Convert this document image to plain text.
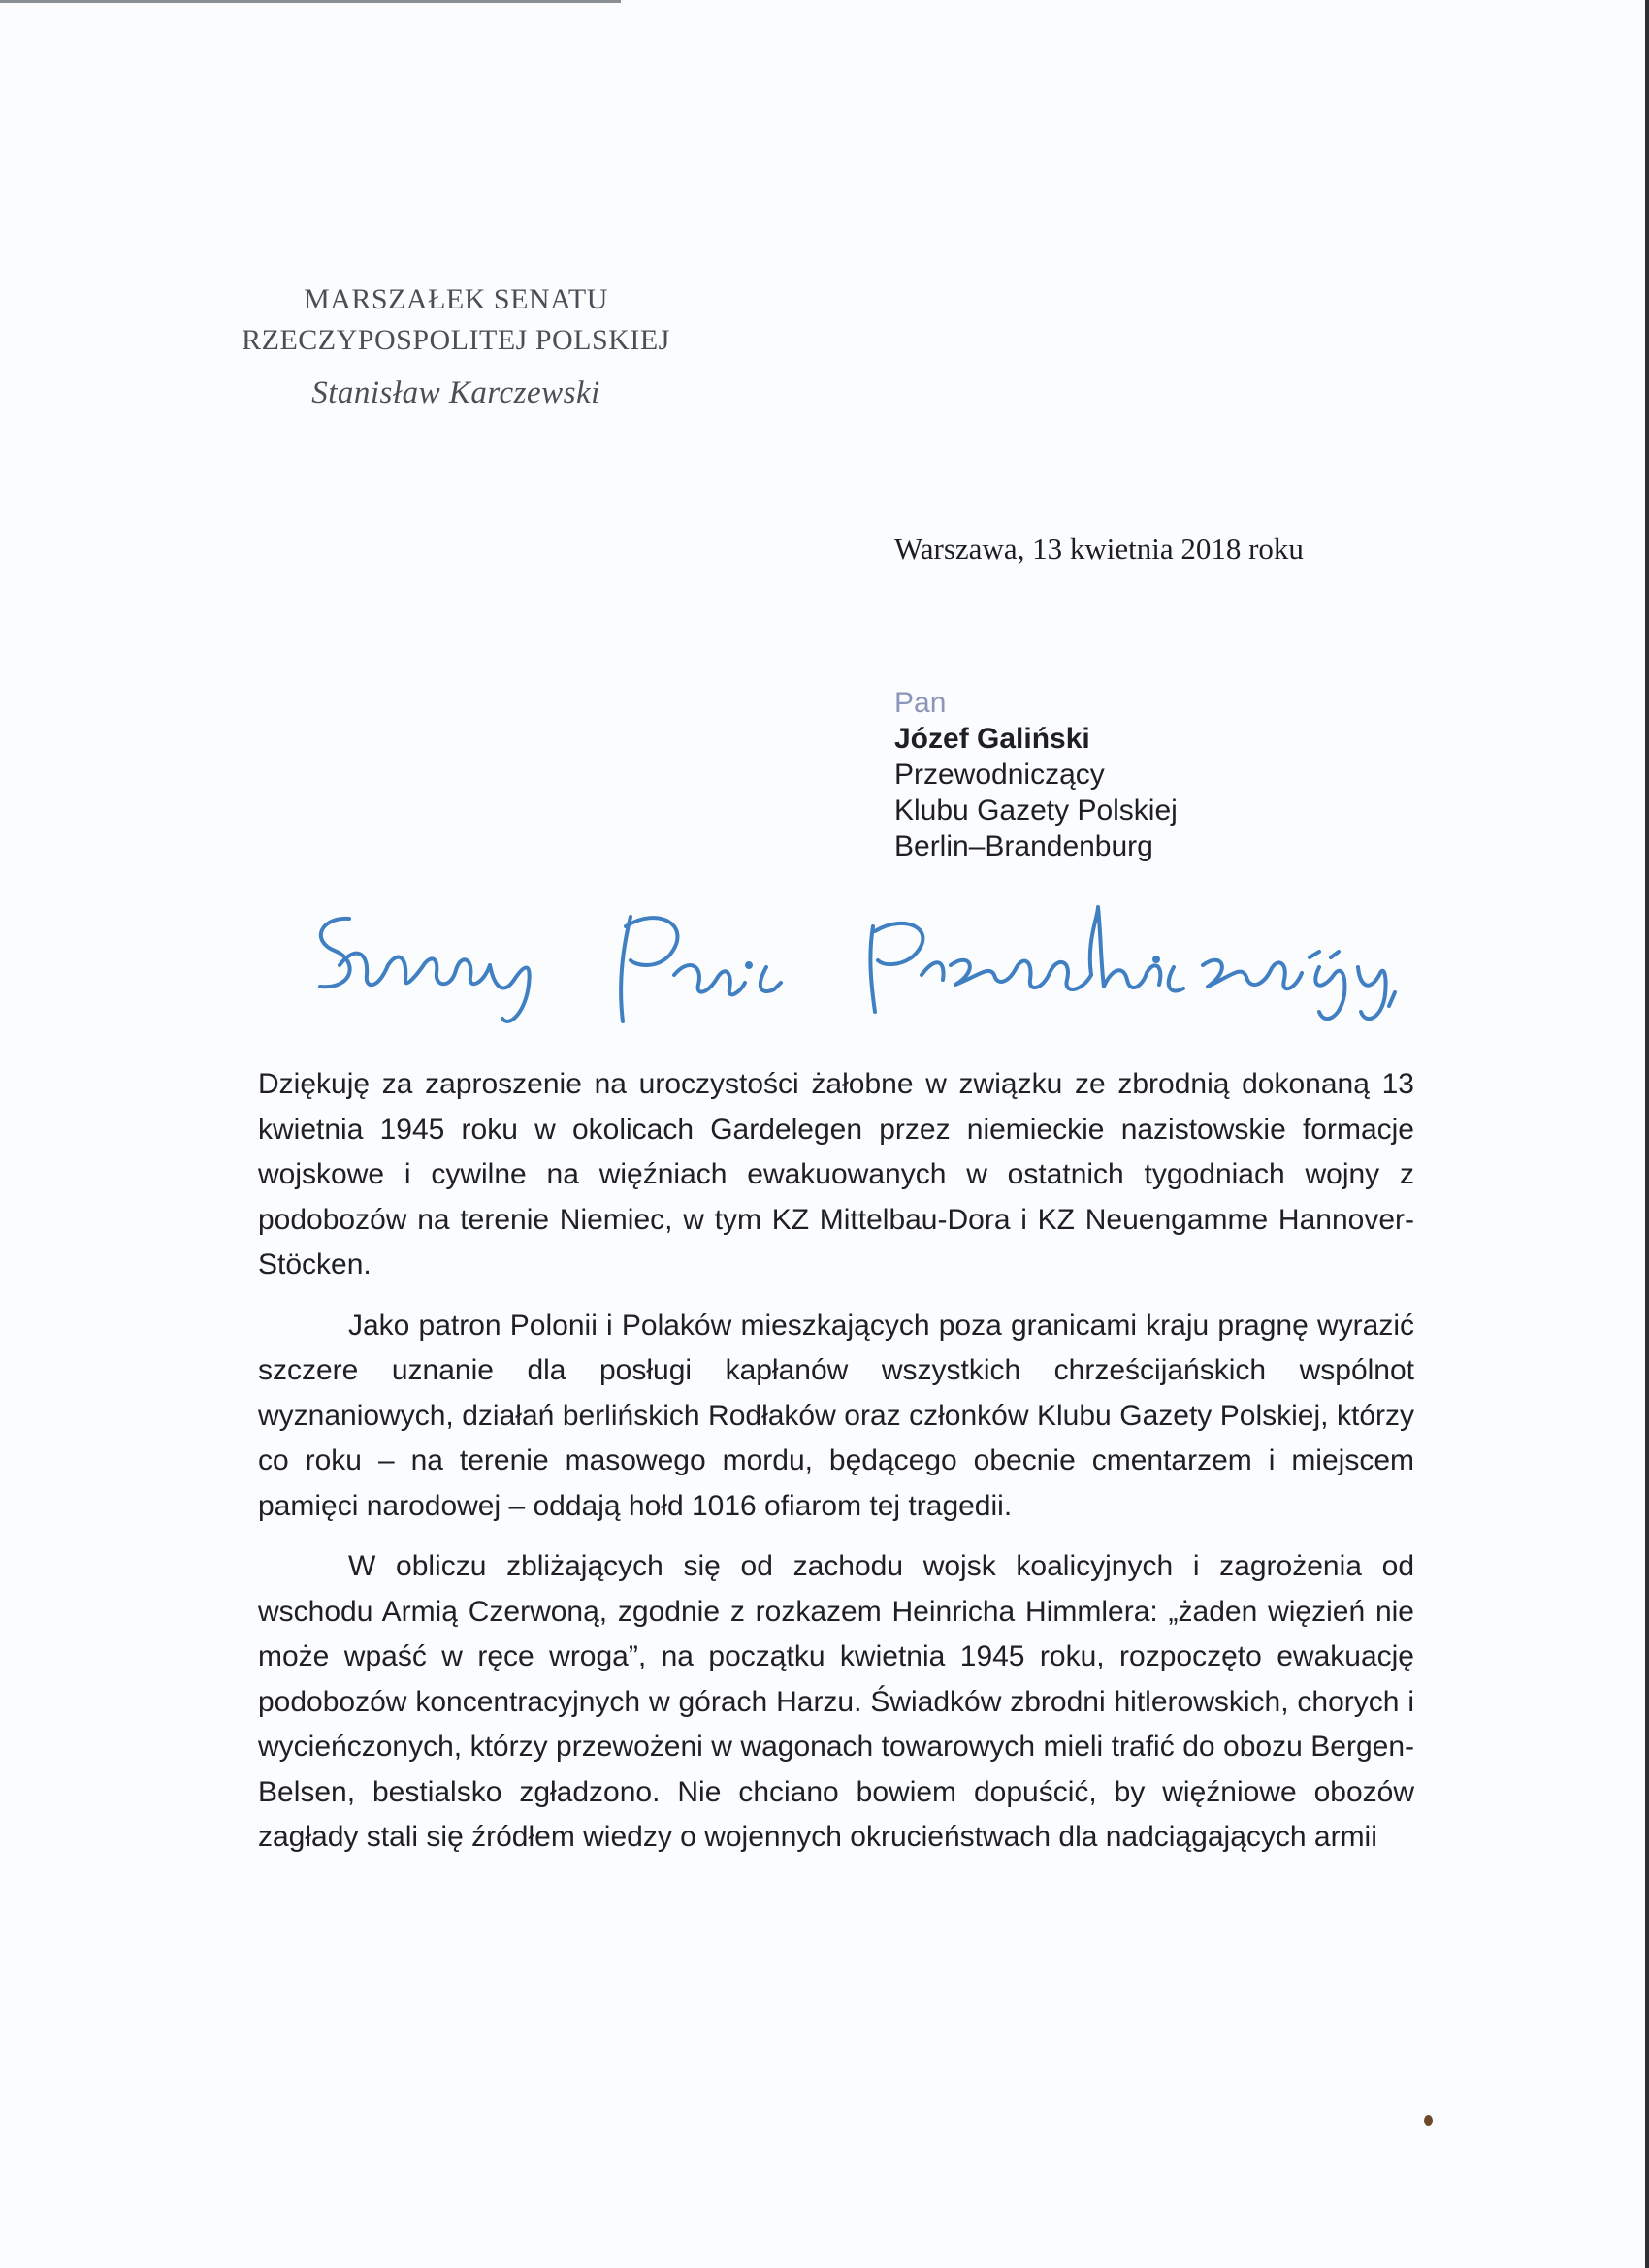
MARSZAŁEK SENATU
RZECZYPOSPOLITEJ POLSKIEJ
Stanisław Karczewski
Warszawa, 13 kwietnia 2018 roku
Pan
Józef Galiński
Przewodniczący
Klubu Gazety Polskiej
Berlin–Brandenburg

Dziękuję za zaproszenie na uroczystości żałobne w związku ze zbrodnią dokonaną 13 kwietnia 1945 roku w okolicach Gardelegen przez niemieckie nazistowskie formacje wojskowe i cywilne na więźniach ewakuowanych w ostatnich tygodniach wojny z podobozów na terenie Niemiec, w tym KZ Mittelbau-Dora i KZ Neuengamme Hannover-Stöcken.

Jako patron Polonii i Polaków mieszkających poza granicami kraju pragnę wyrazić szczere uznanie dla posługi kapłanów wszystkich chrześcijańskich wspólnot wyznaniowych, działań berlińskich Rodłaków oraz członków Klubu Gazety Polskiej, którzy co roku – na terenie masowego mordu, będącego obecnie cmentarzem i miejscem pamięci narodowej – oddają hołd 1016 ofiarom tej tragedii.

W obliczu zbliżających się od zachodu wojsk koalicyjnych i zagrożenia od wschodu Armią Czerwoną, zgodnie z rozkazem Heinricha Himmlera: „żaden więzień nie może wpaść w ręce wroga”, na początku kwietnia 1945 roku, rozpoczęto ewakuację podobozów koncentracyjnych w górach Harzu. Świadków zbrodni hitlerowskich, chorych i wycieńczonych, którzy przewożeni w wagonach towarowych mieli trafić do obozu Bergen-Belsen, bestialsko zgładzono. Nie chciano bowiem dopuścić, by więźniowe obozów zagłady stali się źródłem wiedzy o wojennych okrucieństwach dla nadciągających armii
